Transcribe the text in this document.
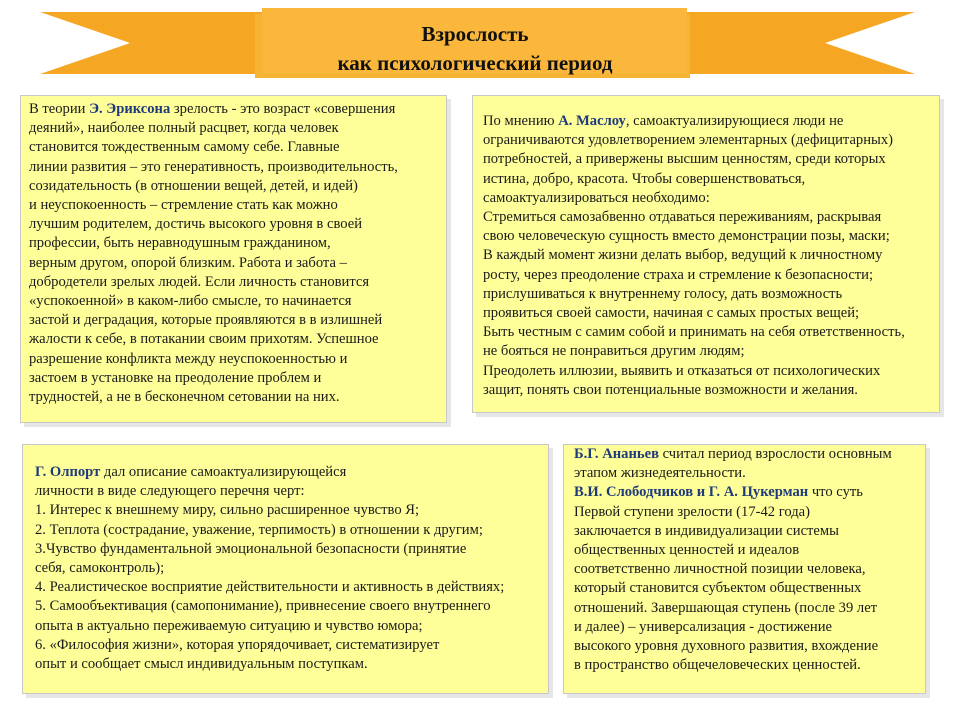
Взрослость
как психологический период
В теории Э. Эриксона зрелость - это возраст «совершения
деяний», наиболее полный расцвет, когда человек
становится тождественным самому себе. Главные
линии развития – это генеративность, производительность,
созидательность (в отношении вещей, детей, и идей)
и неуспокоенность – стремление стать как можно
лучшим родителем, достичь высокого уровня в своей
профессии, быть неравнодушным гражданином,
верным другом, опорой близким. Работа и забота –
добродетели зрелых людей. Если личность становится
«успокоенной» в каком-либо смысле, то начинается
застой и деградация, которые проявляются в в излишней
жалости к себе, в потакании своим прихотям. Успешное
разрешение конфликта между неуспокоенностью и
застоем в установке на преодоление проблем и
трудностей, а не в бесконечном сетовании на них.
По мнению А. Маслоу, самоактуализирующиеся люди не
ограничиваются удовлетворением элементарных (дефицитарных)
потребностей, а привержены высшим ценностям, среди которых
истина, добро, красота. Чтобы совершенствоваться,
самоактуализироваться необходимо:
Стремиться самозабвенно отдаваться переживаниям, раскрывая
свою человеческую сущность вместо демонстрации позы, маски;
В каждый момент жизни делать выбор, ведущий к личностному
росту, через преодоление страха и стремление к безопасности;
прислушиваться к внутреннему голосу, дать возможность
проявиться своей самости, начиная с самых простых вещей;
Быть честным с самим собой и принимать на себя ответственность,
не бояться не понравиться другим людям;
Преодолеть иллюзии, выявить и отказаться от психологических
защит, понять свои потенциальные возможности и желания.
Г. Олпорт дал описание самоактуализирующейся
личности в виде следующего перечня черт:
1. Интерес к внешнему миру, сильно расширенное чувство Я;
2. Теплота (сострадание, уважение, терпимость) в отношении к другим;
3.Чувство фундаментальной эмоциональной безопасности (принятие
себя, самоконтроль);
4. Реалистическое восприятие действительности и активность в действиях;
5. Самообъективация (самопонимание), привнесение своего внутреннего
опыта в актуально переживаемую ситуацию и чувство юмора;
6. «Философия жизни», которая упорядочивает, систематизирует
опыт и сообщает смысл индивидуальным поступкам.
Б.Г. Ананьев считал период взрослости основным
этапом жизнедеятельности.
В.И. Слободчиков и Г. А. Цукерман что суть
Первой ступени зрелости (17-42 года)
заключается в индивидуализации системы
общественных ценностей и идеалов
соответственно личностной позиции человека,
который становится субъектом общественных
отношений. Завершающая ступень (после 39 лет
и далее) – универсализация - достижение
высокого уровня духовного развития, вхождение
в пространство общечеловеческих ценностей.
